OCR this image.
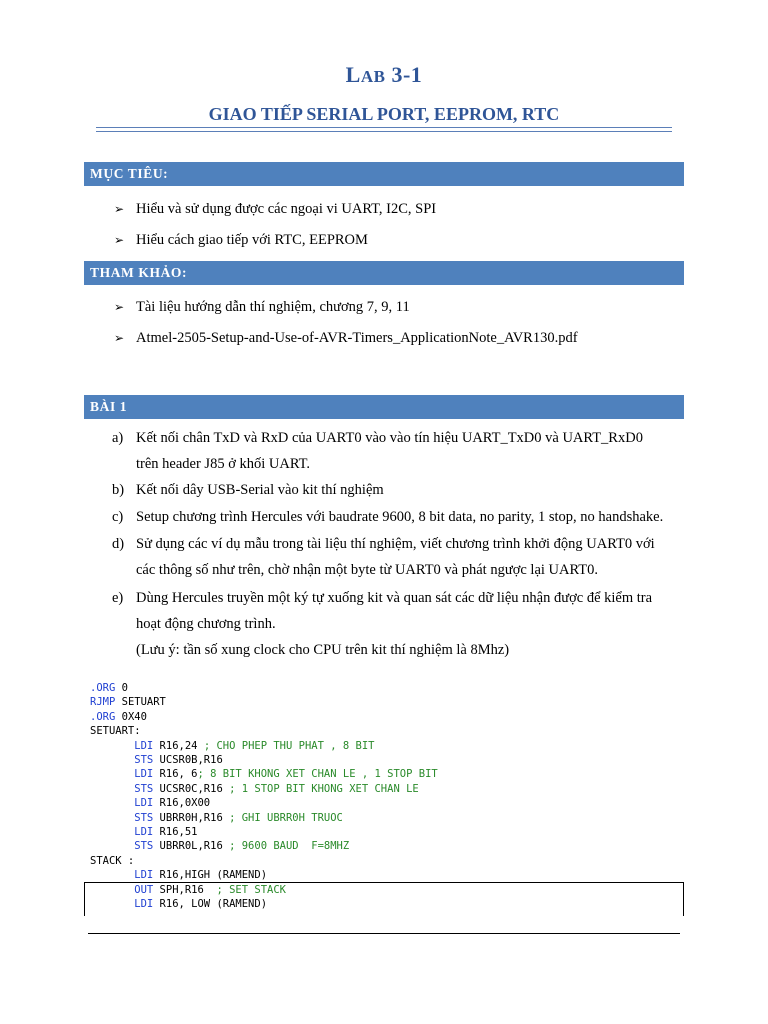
LAB 3-1
GIAO TIẾP SERIAL PORT, EEPROM, RTC
MỤC TIÊU:
➢ Hiểu và sử dụng được các ngoại vi UART, I2C, SPI
➢ Hiểu cách giao tiếp với RTC, EEPROM
THAM KHẢO:
➢ Tài liệu hướng dẫn thí nghiệm, chương 7, 9, 11
➢ Atmel-2505-Setup-and-Use-of-AVR-Timers_ApplicationNote_AVR130.pdf
BÀI 1
a) Kết nối chân TxD và RxD của UART0 vào vào tín hiệu UART_TxD0 và UART_RxD0
trên header J85 ở khối UART.
b) Kết nối dây USB-Serial vào kit thí nghiệm
c) Setup chương trình Hercules với baudrate 9600, 8 bit data, no parity, 1 stop, no handshake.
d) Sử dụng các ví dụ mẫu trong tài liệu thí nghiệm, viết chương trình khởi động UART0 với
các thông số như trên, chờ nhận một byte từ UART0 và phát ngược lại UART0.
e) Dùng Hercules truyền một ký tự xuống kit và quan sát các dữ liệu nhận được để kiểm tra
hoạt động chương trình.
(Lưu ý: tần số xung clock cho CPU trên kit thí nghiệm là 8Mhz)
.ORG 0
RJMP SETUART
.ORG 0X40
SETUART:
LDI R16,24 ; CHO PHEP THU PHAT , 8 BIT
STS UCSR0B,R16
LDI R16, 6; 8 BIT KHONG XET CHAN LE , 1 STOP BIT
STS UCSR0C,R16 ; 1 STOP BIT KHONG XET CHAN LE
LDI R16,0X00
STS UBRR0H,R16 ; GHI UBRR0H TRUOC
LDI R16,51
STS UBRR0L,R16 ; 9600 BAUD  F=8MHZ
STACK :
LDI R16,HIGH (RAMEND)
OUT SPH,R16  ; SET STACK
LDI R16, LOW (RAMEND)
